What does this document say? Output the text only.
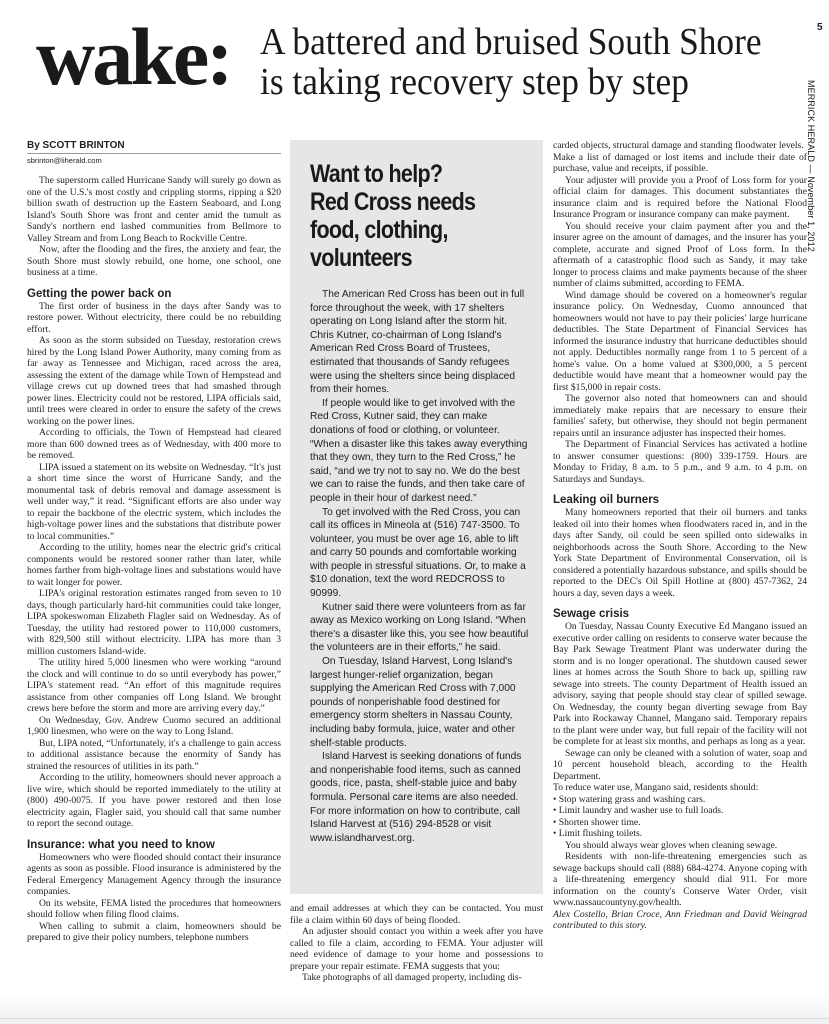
wake: A battered and bruised South Shore
is taking recovery step by step
5
MERRICK HERALD — November 1, 2012
By SCOTT BRINTON
sbrinton@liherald.com

The superstorm called Hurricane Sandy will surely go down as one of the U.S.'s most costly and crippling storms, ripping a $20 billion swath of destruction up the Eastern Seaboard, and Long Island's South Shore was front and center amid the tumult as Sandy's northern end lashed communities from Bellmore to Valley Stream and from Long Beach to Rockville Centre.

Now, after the flooding and the fires, the anxiety and fear, the South Shore must slowly rebuild, one home, one school, one business at a time.

Getting the power back on

The first order of business in the days after Sandy was to restore power. Without electricity, there could be no rebuilding effort.

As soon as the storm subsided on Tuesday, restoration crews hired by the Long Island Power Authority, many coming from as far away as Tennessee and Michigan, raced across the area, assessing the extent of the damage while Town of Hempstead and village crews cut up downed trees that had smashed through power lines. Electricity could not be restored, LIPA officials said, until trees were cleared in order to ensure the safety of the crews working on the power lines.

According to officials, the Town of Hempstead had cleared more than 600 downed trees as of Wednesday, with 400 more to be removed.

LIPA issued a statement on its website on Wednesday. “It's just a short time since the worst of Hurricane Sandy, and the monumental task of debris removal and damage assessment is well under way,” it read. “Significant efforts are also under way to repair the backbone of the electric system, which includes the high-voltage power lines and the substations that distribute power to local communities.”

According to the utility, homes near the electric grid's critical components would be restored sooner rather than later, while homes farther from high-voltage lines and substations would have to wait longer for power.

LIPA's original restoration estimates ranged from seven to 10 days, though particularly hard-hit communities could take longer, LIPA spokeswoman Elizabeth Flagler said on Wednesday. As of Tuesday, the utility had restored power to 110,000 customers, with 829,500 still without electricity. LIPA has more than 3 million customers Island-wide.

The utility hired 5,000 linesmen who were working “around the clock and will continue to do so until everybody has power,” LIPA's statement read. “An effort of this magnitude requires assistance from other companies off Long Island. We brought crews here before the storm and more are arriving every day.”

On Wednesday, Gov. Andrew Cuomo secured an additional 1,900 linesmen, who were on the way to Long Island.

But, LIPA noted, “Unfortunately, it's a challenge to gain access to additional assistance because the enormity of Sandy has strained the resources of utilities in its path.”

According to the utility, homeowners should never approach a live wire, which should be reported immediately to the utility at (800) 490-0075. If you have power restored and then lose electricity again, Flagler said, you should call that same number to report the second outage.

Insurance: what you need to know

Homeowners who were flooded should contact their insurance agents as soon as possible. Flood insurance is administered by the Federal Emergency Management Agency through the insurance companies.

On its website, FEMA listed the procedures that homeowners should follow when filing flood claims.

When calling to submit a claim, homeowners should be prepared to give their policy numbers, telephone numbers

Want to help?
Red Cross needs
food, clothing,
volunteers

The American Red Cross has been out in full force throughout the week, with 17 shelters operating on Long Island after the storm hit. Chris Kutner, co-chairman of Long Island's American Red Cross Board of Trustees, estimated that thousands of Sandy refugees were using the shelters since being displaced from their homes.

If people would like to get involved with the Red Cross, Kutner said, they can make donations of food or clothing, or volunteer. “When a disaster like this takes away everything that they own, they turn to the Red Cross,” he said, “and we try not to say no. We do the best we can to raise the funds, and then take care of people in their hour of darkest need.”

To get involved with the Red Cross, you can call its offices in Mineola at (516) 747-3500. To volunteer, you must be over age 16, able to lift and carry 50 pounds and comfortable working with people in stressful situations. Or, to make a $10 donation, text the word REDCROSS to 90999.

Kutner said there were volunteers from as far away as Mexico working on Long Island. “When there's a disaster like this, you see how beautiful the volunteers are in their efforts,” he said.

On Tuesday, Island Harvest, Long Island's largest hunger-relief organization, began supplying the American Red Cross with 7,000 pounds of nonperishable food destined for emergency storm shelters in Nassau County, including baby formula, juice, water and other shelf-stable products.

Island Harvest is seeking donations of funds and nonperishable food items, such as canned goods, rice, pasta, shelf-stable juice and baby formula. Personal care items are also needed. For more information on how to contribute, call Island Harvest at (516) 294-8528 or visit www.islandharvest.org.

and email addresses at which they can be contacted. You must file a claim within 60 days of being flooded.

An adjuster should contact you within a week after you have called to file a claim, according to FEMA. Your adjuster will need evidence of damage to your home and possessions to prepare your repair estimate. FEMA suggests that you:

Take photographs of all damaged property, including dis-

carded objects, structural damage and standing floodwater levels.

Make a list of damaged or lost items and include their date of purchase, value and receipts, if possible.

Your adjuster will provide you a Proof of Loss form for your official claim for damages. This document substantiates the insurance claim and is required before the National Flood Insurance Program or insurance company can make payment.

You should receive your claim payment after you and the insurer agree on the amount of damages, and the insurer has your complete, accurate and signed Proof of Loss form. In the aftermath of a catastrophic flood such as Sandy, it may take longer to process claims and make payments because of the sheer number of claims submitted, according to FEMA.

Wind damage should be covered on a homeowner's regular insurance policy. On Wednesday, Cuomo announced that homeowners would not have to pay their policies' large hurricane deductibles. The State Department of Financial Services has informed the insurance industry that hurricane deductibles should not apply. Deductibles normally range from 1 to 5 percent of a home's value. On a home valued at $300,000, a 5 percent deductible would have meant that a homeowner would pay the first $15,000 in repair costs.

The governor also noted that homeowners can and should immediately make repairs that are necessary to ensure their families' safety, but otherwise, they should not begin permanent repairs until an insurance adjuster has inspected their homes.

The Department of Financial Services has activated a hotline to answer consumer questions: (800) 339-1759. Hours are Monday to Friday, 8 a.m. to 5 p.m., and 9 a.m. to 4 p.m. on Saturdays and Sundays.

Leaking oil burners

Many homeowners reported that their oil burners and tanks leaked oil into their homes when floodwaters raced in, and in the days after Sandy, oil could be seen spilled onto sidewalks in neighborhoods across the South Shore. According to the New York State Department of Environmental Conservation, oil is considered a potentially hazardous substance, and spills should be reported to the DEC's Oil Spill Hotline at (800) 457-7362, 24 hours a day, seven days a week.

Sewage crisis

On Tuesday, Nassau County Executive Ed Mangano issued an executive order calling on residents to conserve water because the Bay Park Sewage Treatment Plant was underwater during the storm and is no longer operational. The shutdown caused sewer lines at homes across the South Shore to back up, spilling raw sewage into streets. The county Department of Health issued an advisory, saying that people should stay clear of spilled sewage. On Wednesday, the county began diverting sewage from Bay Park into Rockaway Channel, Mangano said. Temporary repairs to the plant were under way, but full repair of the facility will not be complete for at least six months, and perhaps as long as a year.

Sewage can only be cleaned with a solution of water, soap and 10 percent household bleach, according to the Health Department.

To reduce water use, Mangano said, residents should:

• Stop watering grass and washing cars.
• Limit laundry and washer use to full loads.
• Shorten shower time.
• Limit flushing toilets.

You should always wear gloves when cleaning sewage.

Residents with non-life-threatening emergencies such as sewage backups should call (888) 684-4274. Anyone coping with a life-threatening emergency should dial 911. For more information on the county's Conserve Water Order, visit www.nassaucountyny.gov/health.

Alex Costello, Brian Croce, Ann Friedman and David Weingrad contributed to this story.
